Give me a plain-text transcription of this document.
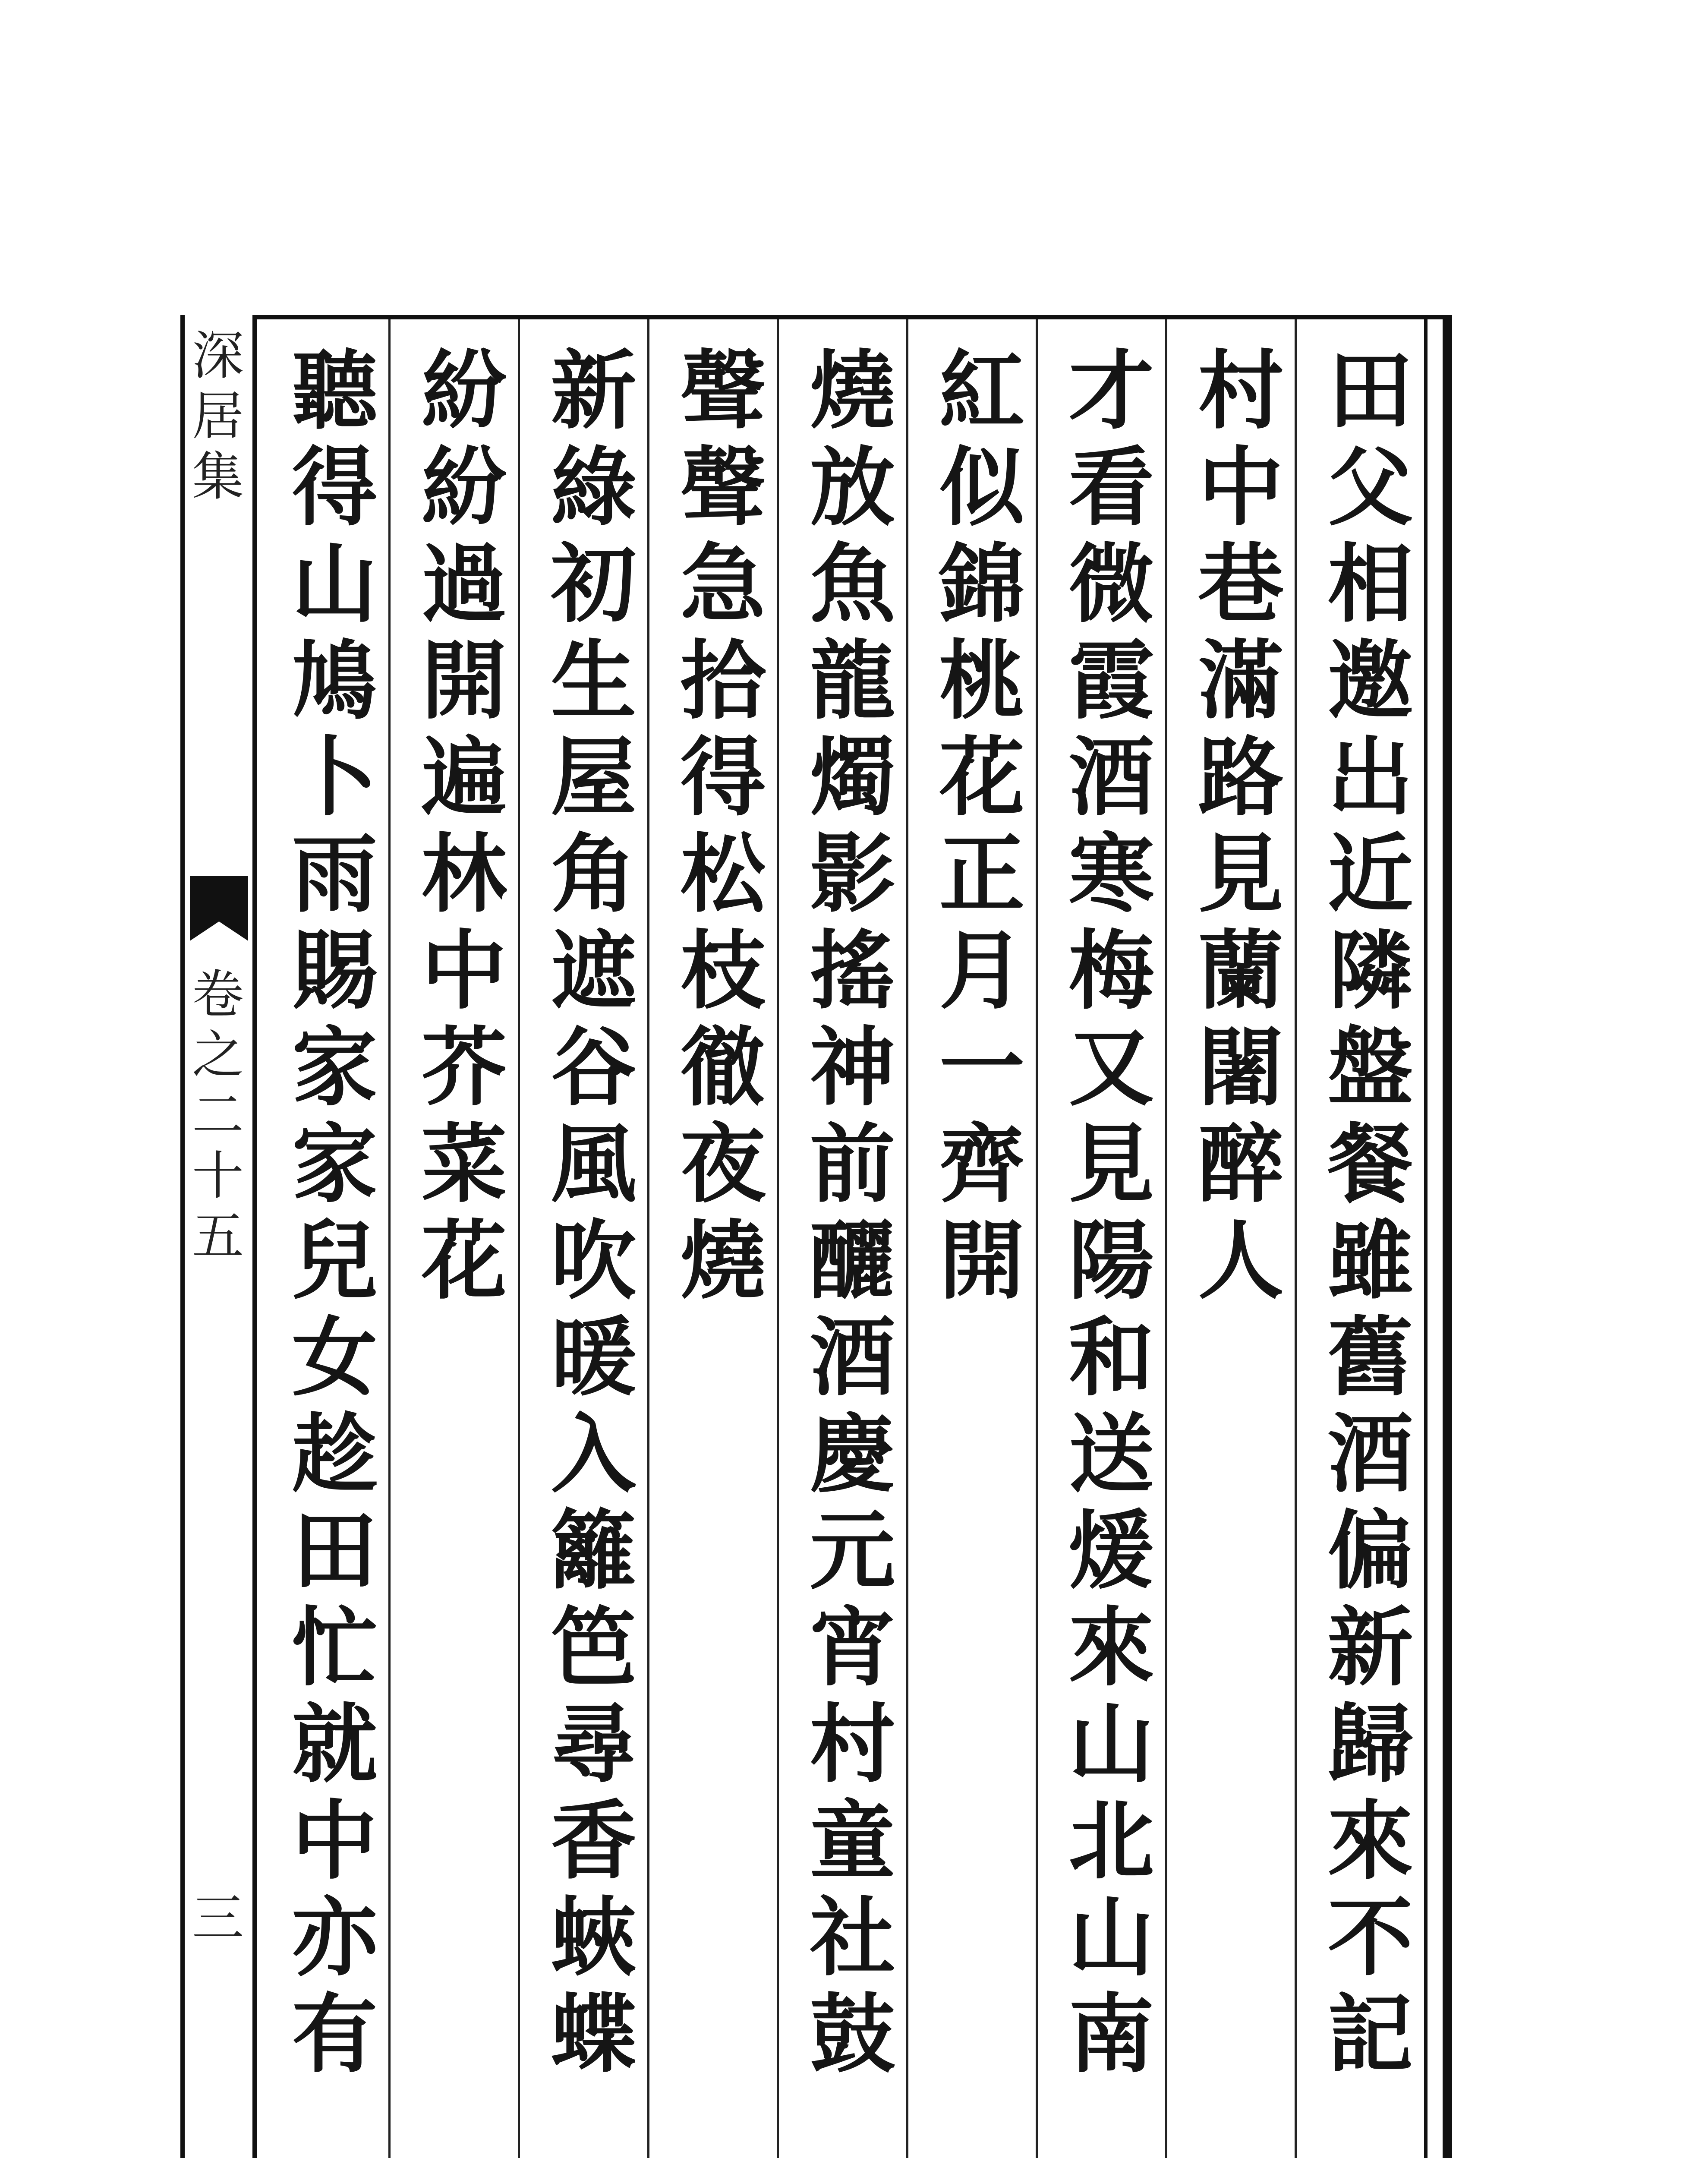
深居集
卷之二十五
三	田父相邀出近隣盤餐雖舊酒偏新歸來不記
村中巷滿路見蘭闍醉人
才看微霞酒寒梅又見陽和送煖來山北山南
紅似錦桃花正月一齊開
燒放魚龍燭影搖神前釃酒慶元宵村童社鼓
聲聲急拾得松枝徹夜燒
新綠初生屋角遮谷風吹暖入籬笆尋香蛺蝶
紛紛過開遍林中芥菜花
聽得山鳩卜雨賜家家兒女趁田忙就中亦有
